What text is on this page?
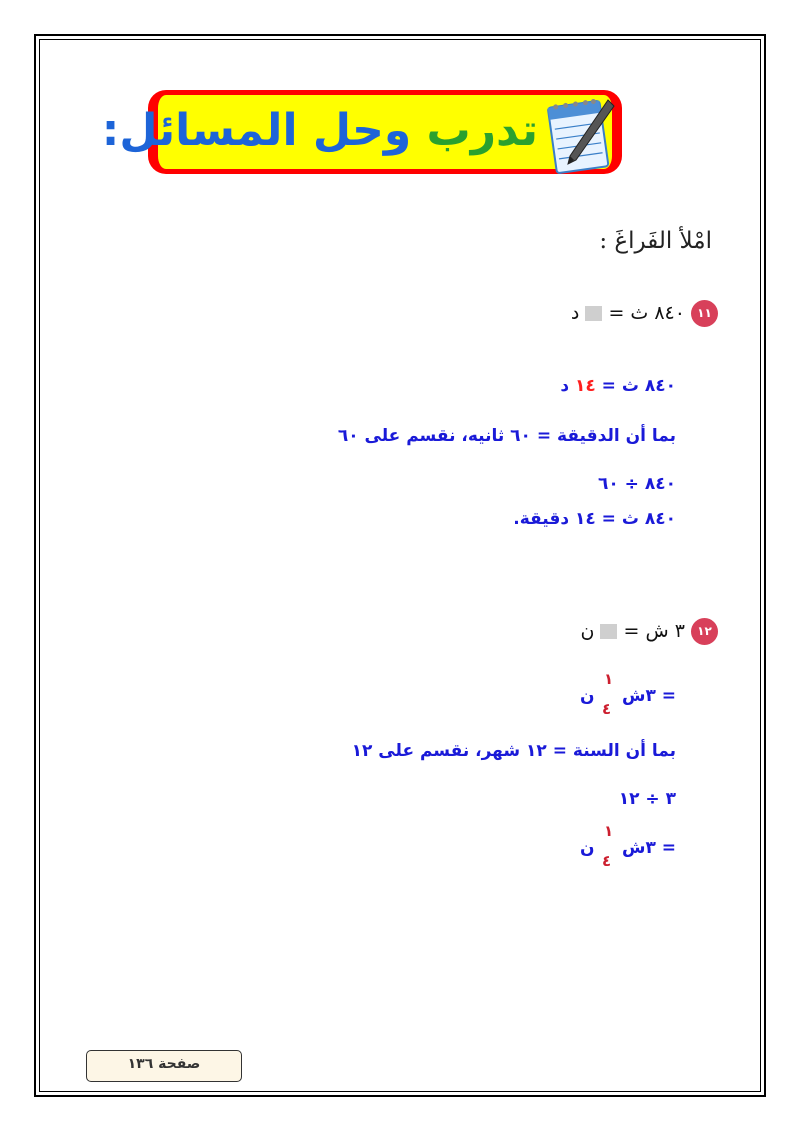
تدرب وحل المسائل:
امْلأ الفَراغَ :
١١ ٨٤٠ ث =  د
٨٤٠ ث = ١٤ د
بما أن الدقيقة = ٦٠ ثانيه، نقسم على ٦٠
٨٤٠ ÷ ٦٠
٨٤٠ ث = ١٤ دقيقة.
١٢ ٣ ش =  ن
٣ش =
١
٤
ن
بما أن السنة = ١٢ شهر، نقسم على ١٢
٣ ÷ ١٢
٣ش =
١
٤
ن
صفحة ١٣٦
